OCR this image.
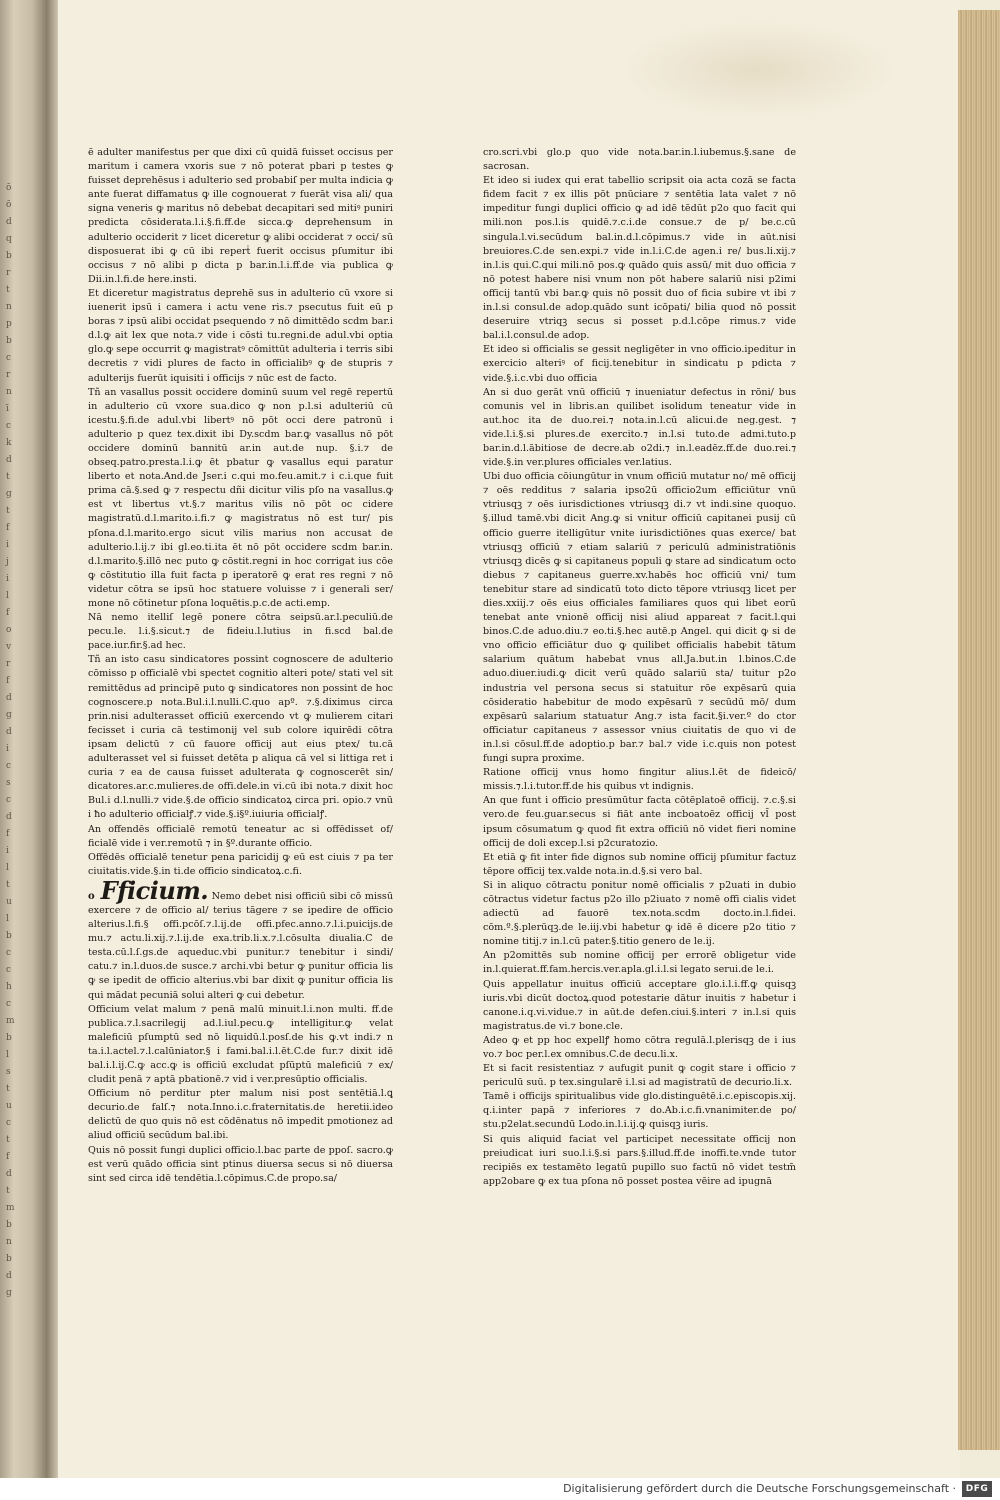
ō
ō
d
q
b
r
t
n
p
b
c
r
n
ī
c
k
d
t
g
t
f
i
j
i
l
f
o
v
r
f
d
g
d
i
c
s
c
d
f
i
l
t
u
l
b
c
c
h
c
m
b
l
s
t
u
c
t
f
d
t
m
b
n
b
d
g

ē adulter manifestus per que dixi cū quidā fuisset occisus per maritum i camera vxoris sue ⁊ nō poterat pbari p testes ꝙ fuisset deprehēsus i adulterio sed probabiſ per multa indicia ꝙ ante fuerat diffamatus ꝙ ille cognouerat ⁊ fuerāt visa ali/ qua signa veneris ꝙ maritus nō debebat decapitari sed mitiꝰ puniri predicta cōsiderata.l.i.§.fi.ff.de sicca.ꝙ deprehensum in adulterio occiderit ⁊ licet diceretur ꝙ alibi occiderat ⁊ occi/ sū disposuerat ibi ꝙ cū ibi reperṫ fuerit occisus pſumitur ibi occisus ⁊ nō alibi p dicta p bar.in.l.i.ff.de via publica ꝙ Dii.in.l.fi.de here.insti.

Et diceretur magistratus deprehē sus in adulterio cū vxore si iuenerit ipsū i camera i actu vene ris.⁊ psecutus fuit eū p boras ⁊ ipsū alibi occidat psequendo ⁊ nō dimittēdo scdm bar.i d.l.ꝙ ait lex que nota.⁊ vide i cōsti tu.regni.de adul.vbi optia glo.ꝙ sepe occurrit ꝙ magistratꝰ cōmittūt adulteria i terris sibi decretis ⁊ vidi plures de facto in officialibꝰ ꝙ de stupris ⁊ adulterijs fuerūt iquisiti i officijs ⁊ nūc est de facto.

Tñ an vasallus possit occidere dominū suum vel regē repertū in adulterio cū vxore sua.dico ꝙ non p.l.si adulteriū cū icestu.§.fi.de adul.vbi libertꝰ nō pōt occi dere patronū i adulterio p quez tex.dixit ibi Dy.scdm bar.ꝙ vasallus nō pōt occidere dominū bannitū ar.in aut.de nup. §.i.⁊ de obseq.patro.presta.l.i.ꝙ ēt pbatur ꝙ vasallus equi paratur liberto et nota.And.de Jser.i c.qui mo.feu.amit.⁊ i c.i.que fuit prima cā.§.sed ꝙ ⁊ respectu dñi dicitur vilis pſo na vasallus.ꝙ est vt libertus vt.§.⁊ maritus vilis nō pōt oc cidere magistratū.d.l.marito.i.fi.⁊ ꝙ magistratus nō est tur/ pis pſona.d.l.marito.ergo sicut vilis marius non accusat de adulterio.l.ij.⁊ ibi gl.eo.ti.ita ēt nō pōt occidere scdm bar.in. d.l.marito.§.illō nec puto ꝙ cōstit.regni in hoc corrigat ius cōe ꝙ cōstitutio illa fuit facta p iperatorē ꝙ erat res regni ⁊ nō videtur cōtra se ipsū hoc statuere voluisse ⁊ i generali ser/ mone nō cōtinetur pſona loquētis.p.c.de acti.emp.

Nā nemo itelliſ legē ponere cōtra seipsū.ar.l.peculiū.de pecu.le. l.i.§.sicut.⁊ de fideiu.l.lutius in fi.scd bal.de pace.iur.fir.§.ad hec.

Tñ an isto casu sindicatores possint cognoscere de adulterio cōmisso p officialē vbi spectet cognitio alteri pote/ stati vel sit remittēdus ad principē puto ꝙ sindicatores non possint de hoc cognoscere.p nota.Bul.i.l.nulli.C.quo apº. ⁊.§.diximus circa prin.nisi adulterasset officiū exercendo vt ꝙ mulierem citari fecisset i curia cā testimonij vel sub colore iquirēdi cōtra ipsam delictū ⁊ cū fauore officij aut eius ptex/ tu.cā adulterasset vel si fuisset detēta p aliqua cā vel si littiga ret i curia ⁊ ea de causa fuisset adulterata ꝙ cognoscerēt sin/ dicatores.ar.c.mulieres.de offi.dele.in vi.cū ibi nota.⁊ dixit hoc Bul.i d.l.nulli.⁊ vide.§.de officio sindicatoꝝ circa pri. opio.⁊ vnū i ħo adulterio officialꝭ.⁊ vide.§.i§º.iuiuria officialꝭ.

An offendēs officialē remotū teneatur ac si offēdisset of/ ficialē vide i ver.remotū ⁊ in §º.durante officio.

Offēdēs officialē tenetur pena paricidij ꝙ eū est ciuis ⁊ pa ter ciuitatis.vide.§.in ti.de officio sindicatoꝝ.c.fi.

o Fficium. Nemo debet nisi officiū sibi cō missū exercere ⁊ de officio al/ terius tāgere ⁊ se ipedire de officio alterius.l.fi.§ offi.pcōſ.⁊.l.ij.de offi.pfec.anno.⁊.l.i.puicijs.de mu.⁊ actu.li.xij.⁊.l.ij.de exa.trib.li.x.⁊.l.cōsulta diualia.C de testa.cū.l.ſ.gs.de aqueduc.vbi punitur.⁊ tenebitur i sindi/ catu.⁊ in.l.duos.de susce.⁊ archi.vbi betur ꝙ punitur officia lis ꝙ se ipedit de officio alterius.vbi bar dixit ꝙ punitur officia lis qui mādat pecuniā solui alteri ꝙ cui debetur.

Officium velat malum ⁊ penā malū minuit.l.i.non multi. ff.de publica.⁊.l.sacrilegij ad.l.iul.pecu.ꝙ intelligitur.ꝙ velat maleficiū pſumptū sed nō liquidū.l.posſ.de his ꝙ.vt indi.⁊ n ta.i.l.actel.⁊.l.calūniator.§ i fami.bal.i.l.ēt.C.de fur.⁊ dixit idē bal.i.l.ij.C.ꝙ acc.ꝙ is officiū excludat pſūptū maleficiū ⁊ ex/ cludit penā ⁊ aptā pbationē.⁊ vid i ver.presūptio officialis.

Officium nō perditur pter malum nisi post sentētiā.l.ꝗ decurio.de falſ.⁊ nota.Inno.i.c.fraternitatis.de heretii.ideo delictū de quo quis nō est cōdēnatus nō impedit pmotionez ad aliud officiū secūdum bal.ibi.

Quis nō possit fungi duplici officio.l.bac parte de ppoſ. sacro.ꝙ est verū quādo officia sint ptinus diuersa secus si nō diuersa sint sed circa idē tendētia.l.cōpimus.C.de propo.sa/

cro.scri.vbi glo.p quo vide nota.bar.in.l.iubemus.§.sane de sacrosan.

Et ideo si iudex qui erat tabellio scripsit oia acta cozā se facta fidem facit ⁊ ex illis pōt pnūciare ⁊ sentētia lata valet ⁊ nō impeditur fungi duplici officio ꝙ ad idē tēdūt p2o quo facit qui mili.non pos.l.is quidē.⁊.c.i.de consue.⁊ de p/ be.c.cū singula.l.vi.secūdum bal.in.d.l.cōpimus.⁊ vide in aūt.nisi breuiores.C.de sen.expi.⁊ vide in.l.i.C.de agen.i re/ bus.li.xij.⁊ in.l.is qui.C.qui mili.nō pos.ꝙ quādo quis assū/ mit duo officia ⁊ nō potest habere nisi vnum non pōt habere salariū nisi p2imi officij tantū vbi bar.ꝙ quis nō possit duo of ficia subire vt ibi ⁊ in.l.si consul.de adop.quādo sunt icōpati/ bilia quod nō possit deseruire vtriqꝫ secus si posset p.d.l.cōpe rimus.⁊ vide bal.i.l.consul.de adop.

Et ideo si officialis se gessit negligēter in vno officio.ipeditur in exercicio alteriꝰ of ficij.tenebitur in sindicatu p pdicta ⁊ vide.§.i.c.vbi duo officia

An si duo gerāt vnū officiū ⁊ inueniatur defectus in rōni/ bus comunis vel in libris.an quilibet isolidum teneatur vide in aut.hoc ita de duo.rei.⁊ nota.in.l.cū alicui.de neg.gest. ⁊ vide.l.i.§.si plures.de exercito.⁊ in.l.si tuto.de admi.tuto.p bar.in.d.l.ābitiose de decre.ab o2di.⁊ in.l.eadēz.ff.de duo.rei.⁊ vide.§.in ver.plures officiales ver.latius.

Ubi duo officia cōiungūtur in vnum officiū mutatur no/ mē officij ⁊ oēs redditus ⁊ salaria ipso2ū officio2um efficiūtur vnū vtriusqꝫ ⁊ oēs iurisdictiones vtriusqꝫ di.⁊ vt indi.sine quoquo. §.illud tamē.vbi dicit Ang.ꝙ si vnitur officiū capitanei pusij cū officio guerre itelligūtur vnite iurisdictiōnes quas exerce/ bat vtriusqꝫ officiū ⁊ etiam salariū ⁊ periculū administratiōnis vtriusqꝫ dicēs ꝙ si capitaneus populi ꝙ stare ad sindicatum octo diebus ⁊ capitaneus guerre.xv.habēs hoc officiū vni/ tum tenebitur stare ad sindicatū toto dicto tēpore vtriusqꝫ licet per dies.xxiij.⁊ oēs eius officiales familiares quos qui libet eorū tenebat ante vnionē officij nisi aliud appareat ⁊ facit.l.qui binos.C.de aduo.diu.⁊ eo.ti.§.hec autē.p Angel. qui dicit ꝙ si de vno officio efficiātur duo ꝙ quilibet officialis habebit tātum salarium quātum habebat vnus all.Ja.but.in l.binos.C.de aduo.diuer.iudi.ꝙ dicit verū quādo salariū sta/ tuitur p2o industria vel persona secus si statuitur rōe expēsarū quia cōsideratio habebitur de modo expēsarū ⁊ secūdū mō/ dum expēsarū salarium statuatur Ang.⁊ ista facit.§i.ver.º do ctor officiatur capitaneus ⁊ assessor vnius ciuitatis de quo vi de in.l.si cōsul.ff.de adoptio.p bar.⁊ bal.⁊ vide i.c.quis non potest fungi supra proxime.

Ratione officij vnus homo fingitur alius.l.ēt de fideicō/ missis.⁊.l.i.tutor.ff.de his quibus vt indignis.

An que funt i officio presūmūtur facta cōtēplatoē officij. ⁊.c.§.si vero.de feu.guar.secus si fiāt ante incboatoēz officij vl̄ post ipsum cōsumatum ꝙ quod fit extra officiū nō videt fieri nomine officij de doli excep.l.si p2curatozio.

Et etiā ꝙ fit inter fide dignos sub nomine officij pſumitur factuz tēpore officij tex.valde nota.in.d.§.si vero bal.

Si in aliquo cōtractu ponitur nomē officialis ⁊ p2uati in dubio cōtractus videtur factus p2o illo p2iuato ⁊ nomē offi cialis videt adiectū ad fauorē tex.nota.scdm docto.in.l.fidei. cōm.º.§.plerūqꝫ.de le.iij.vbi habetur ꝙ idē ē dicere p2o titio ⁊ nomine titij.⁊ in.l.cū pater.§.titio genero de le.ij.

An p2omittēs sub nomine officij per errorē obligetur vide in.l.quierat.ff.fam.hercis.ver.apla.gl.i.l.si legato serui.de le.i.

Quis appellatur inuitus officiū acceptare glo.i.l.i.ff.ꝙ quisqꝫ iuris.vbi dicūt doctoꝝ.quod potestarie dātur inuitis ⁊ habetur i canone.i.q.vi.vidue.⁊ in aūt.de defen.ciui.§.interi ⁊ in.l.si quis magistratus.de vi.⁊ bone.cle.

Adeo ꝙ et pp hoc expellꝭ homo cōtra regulā.l.plerisqꝫ de i ius vo.⁊ boc per.l.ex omnibus.C.de decu.li.x.

Et si facit resistentiaz ⁊ aufugit punit ꝙ cogit stare i officio ⁊ periculū suū. p tex.singularē i.l.si ad magistratū de decurio.li.x.

Tamē i officijs spiritualibus vide glo.distinguētē.i.c.episcopis.xij. q.i.inter papā ⁊ inferiores ⁊ do.Ab.i.c.fi.vnanimiter.de po/ stu.p2elat.secundū Lodo.in.l.i.ij.ꝙ quisqꝫ iuris.

Si quis aliquid faciat vel participet necessitate officij non preiudicat iuri suo.l.i.§.si pars.§.illud.ff.de inoffi.te.vnde tutor recipiēs ex testamēto legatū pupillo suo factū nō videt testm̄ app2obare ꝙ ex tua pſona nō posset postea vēire ad ipugnā

Digitalisierung gefördert durch die Deutsche Forschungsgemeinschaft ·	DFG
